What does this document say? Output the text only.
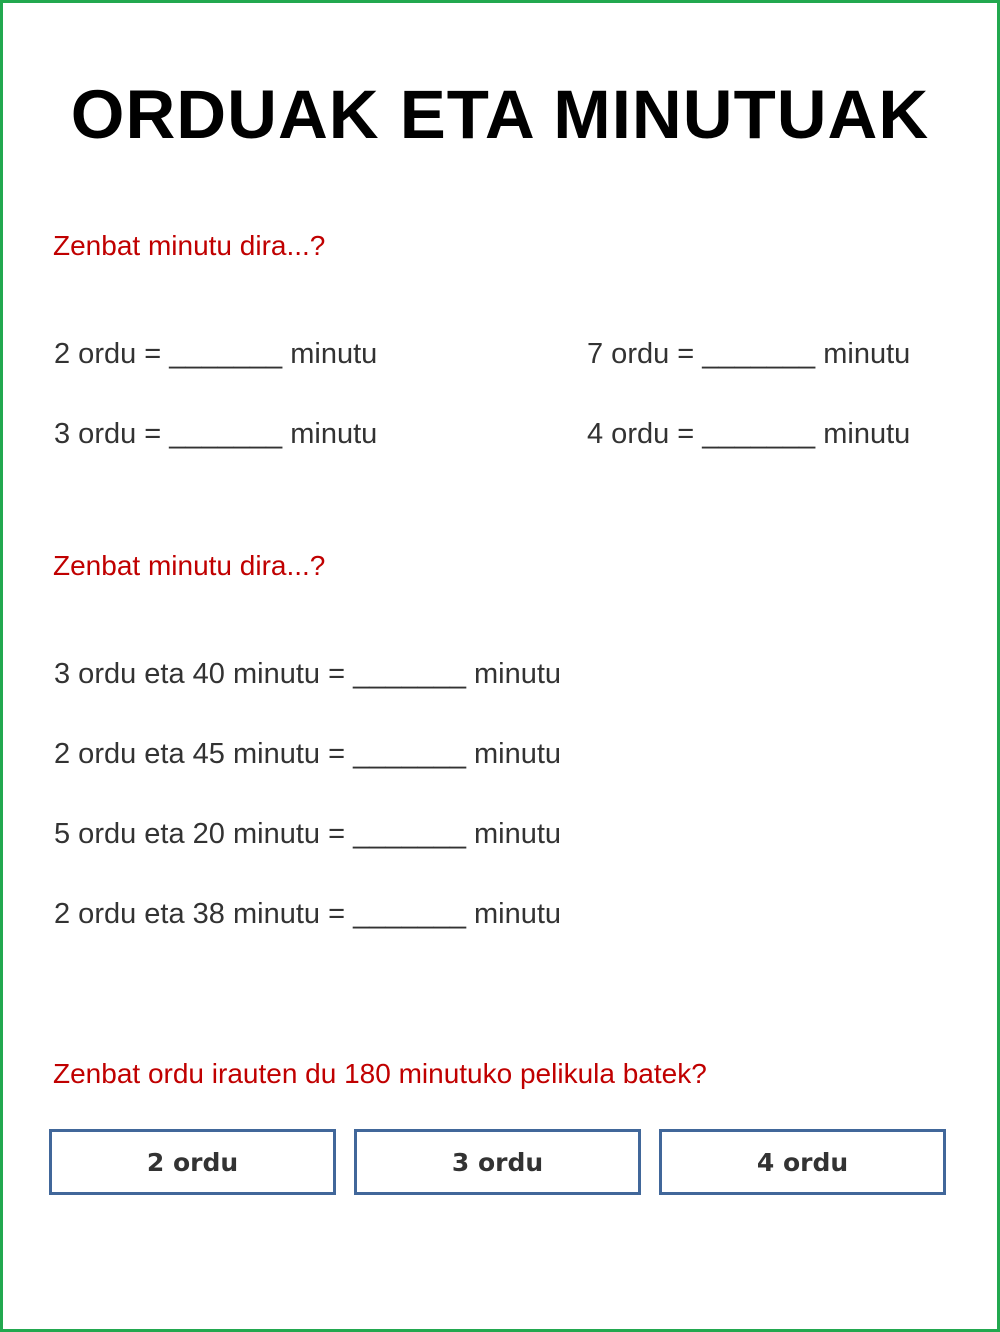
ORDUAK ETA MINUTUAK
Zenbat minutu dira...?
2 ordu = _______ minutu	7 ordu = _______ minutu
3 ordu = _______ minutu	4 ordu = _______ minutu
Zenbat minutu dira...?
3 ordu eta 40 minutu = _______ minutu
2 ordu eta 45 minutu = _______ minutu
5 ordu eta 20 minutu = _______ minutu
2 ordu eta 38 minutu = _______ minutu
Zenbat ordu irauten du 180 minutuko pelikula batek?
2 ordu	3 ordu	4 ordu
